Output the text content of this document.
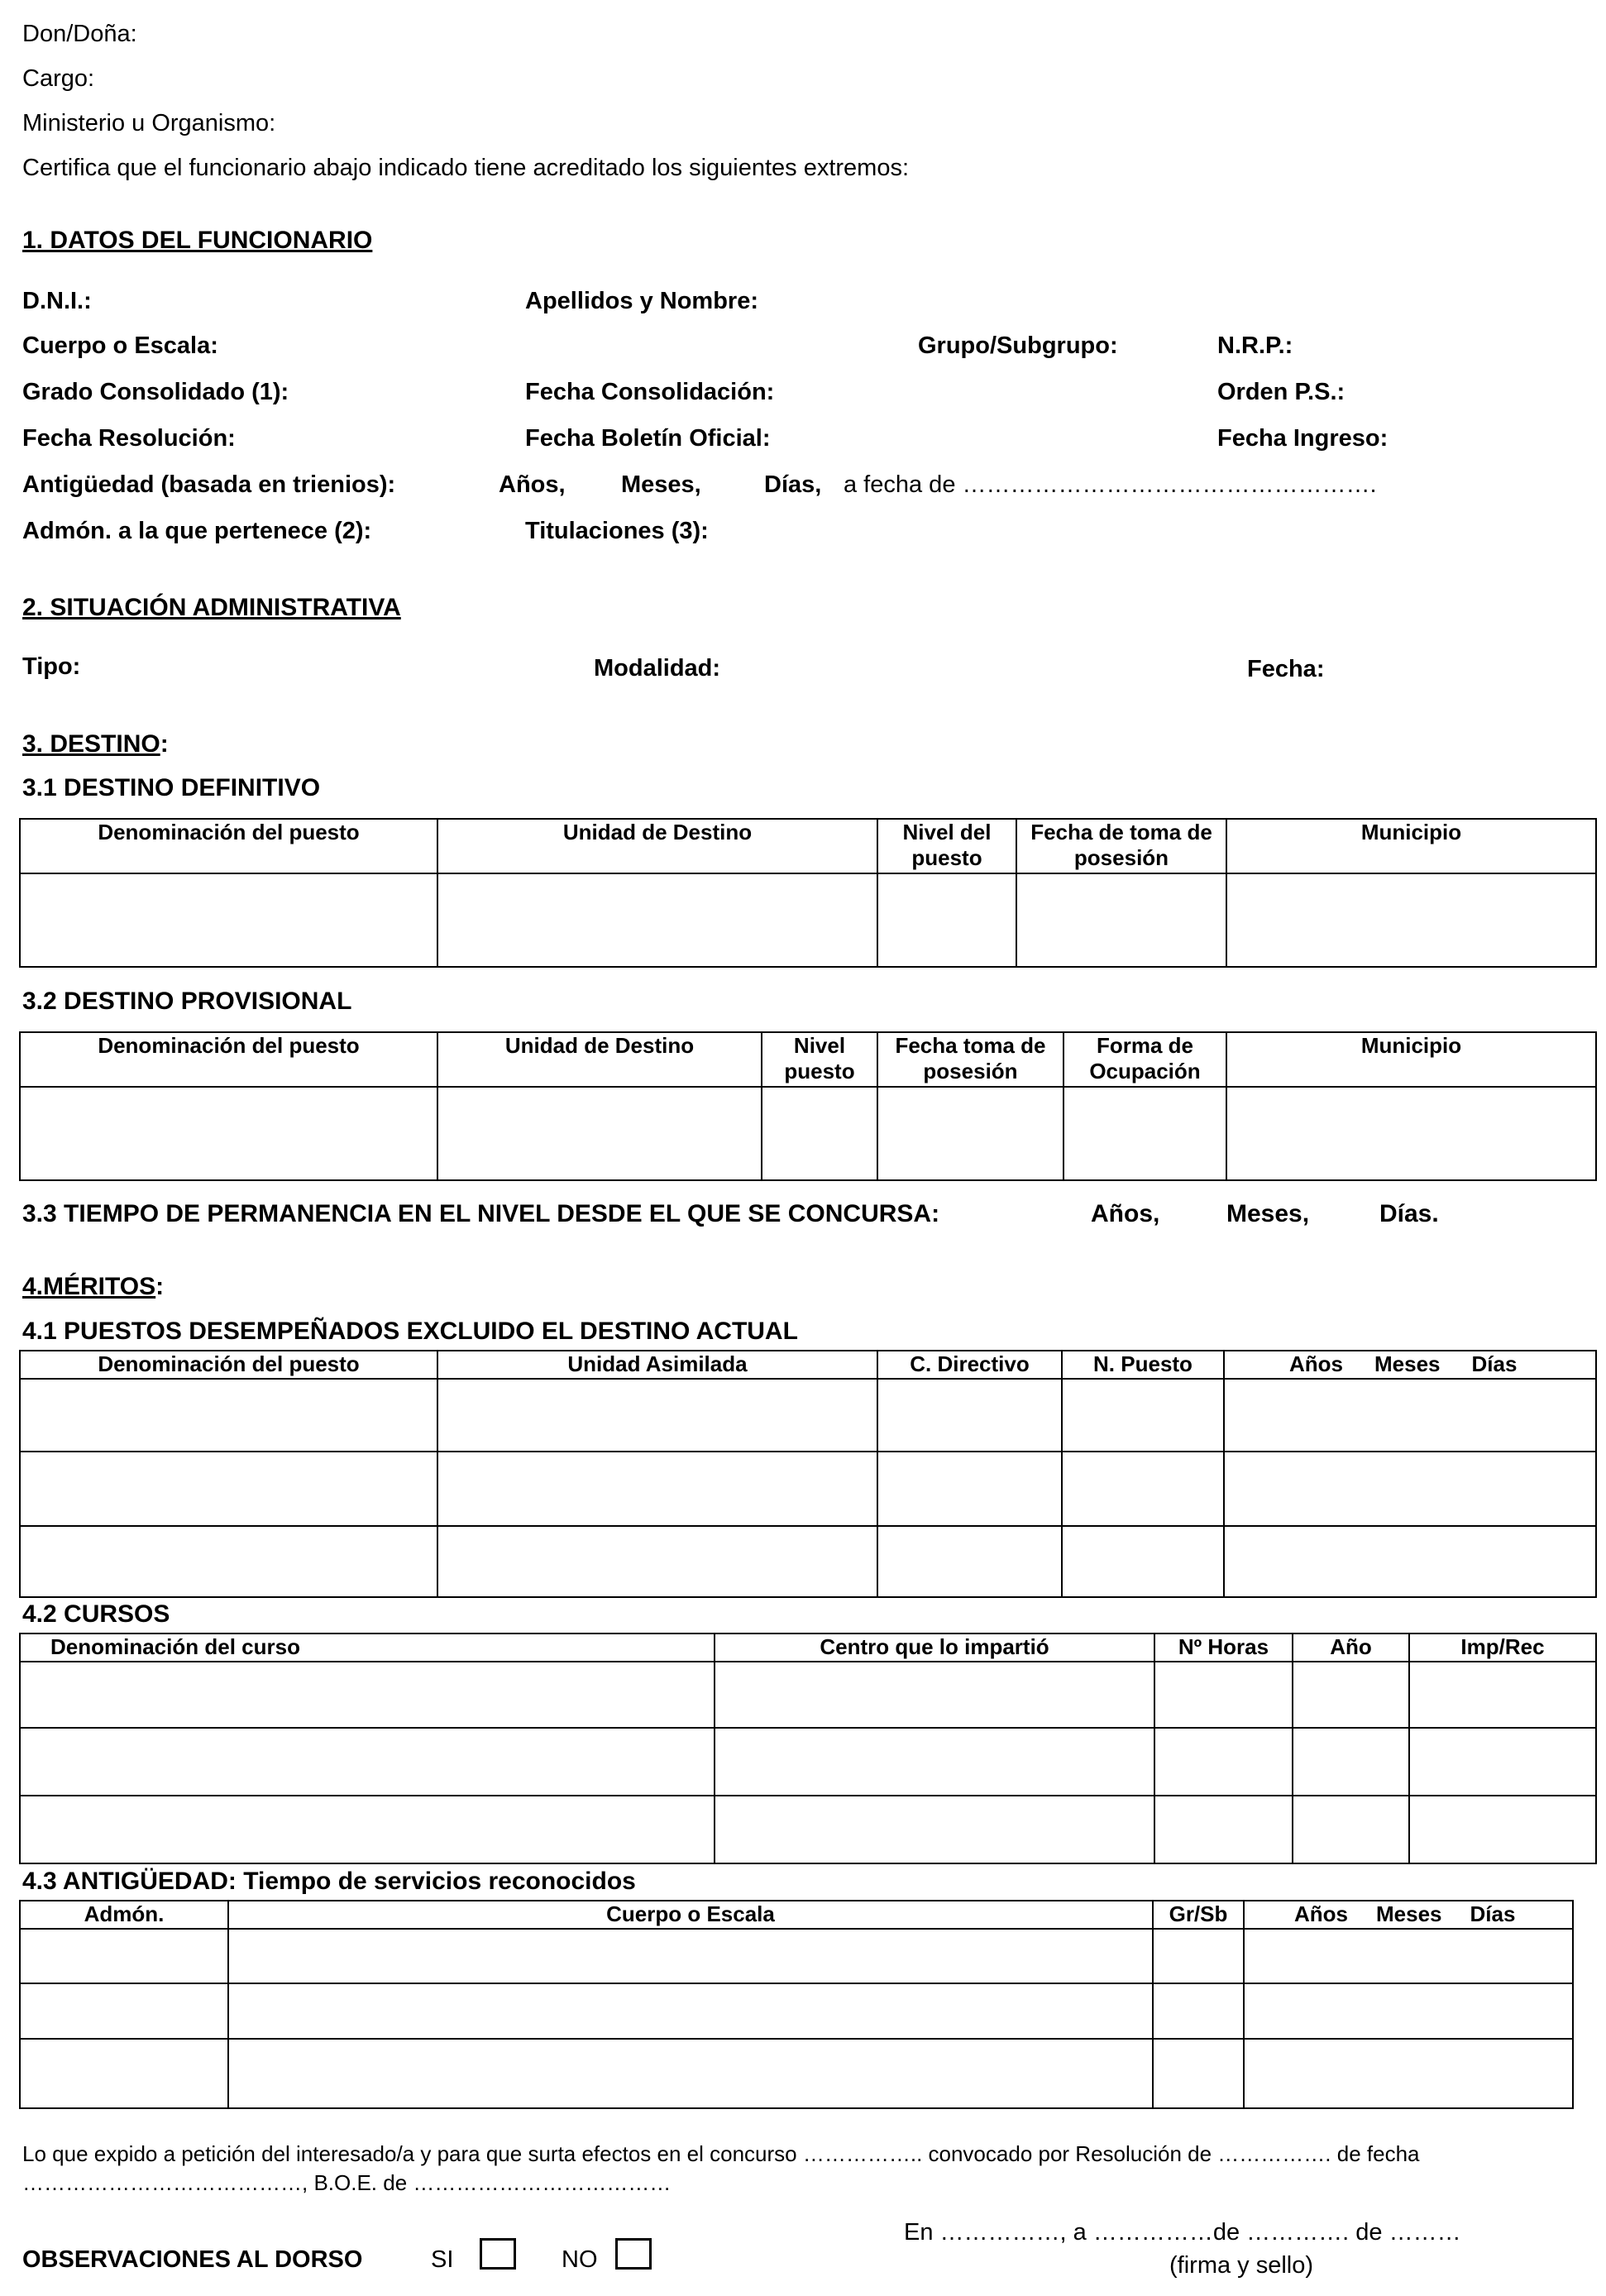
Don/Doña:
Cargo:
Ministerio u Organismo:
Certifica que el funcionario abajo indicado tiene acreditado los siguientes extremos:
1. DATOS DEL FUNCIONARIO
D.N.I.:	Apellidos y Nombre:
Cuerpo o Escala:	Grupo/Subgrupo:	N.R.P.:
Grado Consolidado (1):	Fecha Consolidación:	Orden P.S.:
Fecha Resolución:	Fecha Boletín Oficial:	Fecha Ingreso:
Antigüedad (basada en trienios):	Años, Meses,	Días, a fecha de …………………………………………….
Admón. a la que pertenece (2):	Titulaciones (3):
2. SITUACIÓN ADMINISTRATIVA
Tipo:	Modalidad:	Fecha:
3. DESTINO:
3.1 DESTINO DEFINITIVO
Denominación del puesto	Unidad de Destino	Nivel del puesto	Fecha de toma de posesión	Municipio

3.2 DESTINO PROVISIONAL
Denominación del puesto	Unidad de Destino	Nivel puesto	Fecha toma de posesión	Forma de Ocupación	Municipio

3.3 TIEMPO DE PERMANENCIA EN EL NIVEL DESDE EL QUE SE CONCURSA:	Años,	Meses,	Días.
4.MÉRITOS:
4.1 PUESTOS DESEMPEÑADOS EXCLUIDO EL DESTINO ACTUAL
Denominación del puesto	Unidad Asimilada	C. Directivo	N. Puesto	Años Meses Días

4.2 CURSOS
Denominación del curso	Centro que lo impartió	Nº Horas	Año	Imp/Rec

4.3 ANTIGÜEDAD: Tiempo de servicios reconocidos
Admón.	Cuerpo o Escala	Gr/Sb	Años Meses Días

Lo que expido a petición del interesado/a y para que surta efectos en el concurso …………….. convocado por Resolución de ……………. de fecha
…………………………………, B.O.E. de ………………………………
En ……………, a ……………de …………. de ………
(firma y sello)
OBSERVACIONES AL DORSO	SI	NO
